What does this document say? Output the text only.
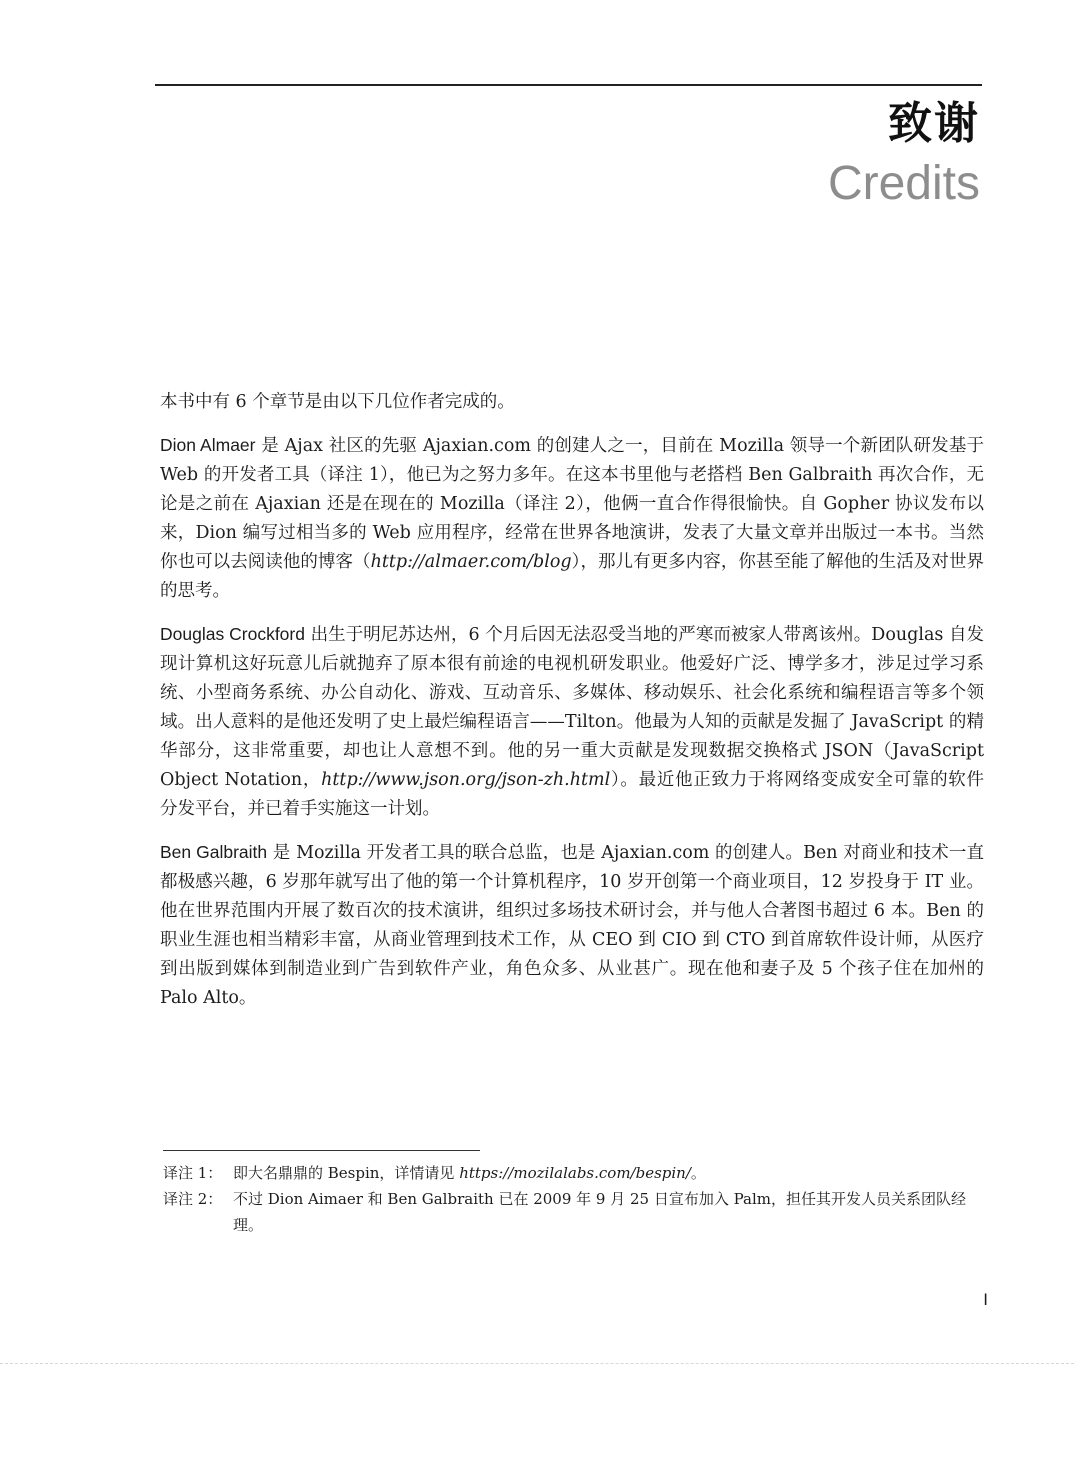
致谢
Credits

本书中有 6 个章节是由以下几位作者完成的。

Dion Almaer 是 Ajax 社区的先驱 Ajaxian.com 的创建人之一，目前在 Mozilla 领导一个新团队研发基于 Web 的开发者工具（译注 1），他已为之努力多年。在这本书里他与老搭档 Ben Galbraith 再次合作，无论是之前在 Ajaxian 还是在现在的 Mozilla（译注 2），他俩一直合作得很愉快。自 Gopher 协议发布以来，Dion 编写过相当多的 Web 应用程序，经常在世界各地演讲，发表了大量文章并出版过一本书。当然你也可以去阅读他的博客（http://almaer.com/blog），那儿有更多内容，你甚至能了解他的生活及对世界的思考。

Douglas Crockford 出生于明尼苏达州，6 个月后因无法忍受当地的严寒而被家人带离该州。Douglas 自发现计算机这好玩意儿后就抛弃了原本很有前途的电视机研发职业。他爱好广泛、博学多才，涉足过学习系统、小型商务系统、办公自动化、游戏、互动音乐、多媒体、移动娱乐、社会化系统和编程语言等多个领域。出人意料的是他还发明了史上最烂编程语言——Tilton。他最为人知的贡献是发掘了 JavaScript 的精华部分，这非常重要，却也让人意想不到。他的另一重大贡献是发现数据交换格式 JSON（JavaScript Object Notation，http://www.json.org/json-zh.html）。最近他正致力于将网络变成安全可靠的软件分发平台，并已着手实施这一计划。

Ben Galbraith 是 Mozilla 开发者工具的联合总监，也是 Ajaxian.com 的创建人。Ben 对商业和技术一直都极感兴趣，6 岁那年就写出了他的第一个计算机程序，10 岁开创第一个商业项目，12 岁投身于 IT 业。他在世界范围内开展了数百次的技术演讲，组织过多场技术研讨会，并与他人合著图书超过 6 本。Ben 的职业生涯也相当精彩丰富，从商业管理到技术工作，从 CEO 到 CIO 到 CTO 到首席软件设计师，从医疗到出版到媒体到制造业到广告到软件产业，角色众多、从业甚广。现在他和妻子及 5 个孩子住在加州的 Palo Alto。

译注 1： 即大名鼎鼎的 Bespin，详情请见 https://mozilalabs.com/bespin/。
译注 2： 不过 Dion Aimaer 和 Ben Galbraith 已在 2009 年 9 月 25 日宣布加入 Palm，担任其开发人员关系团队经理。
I
